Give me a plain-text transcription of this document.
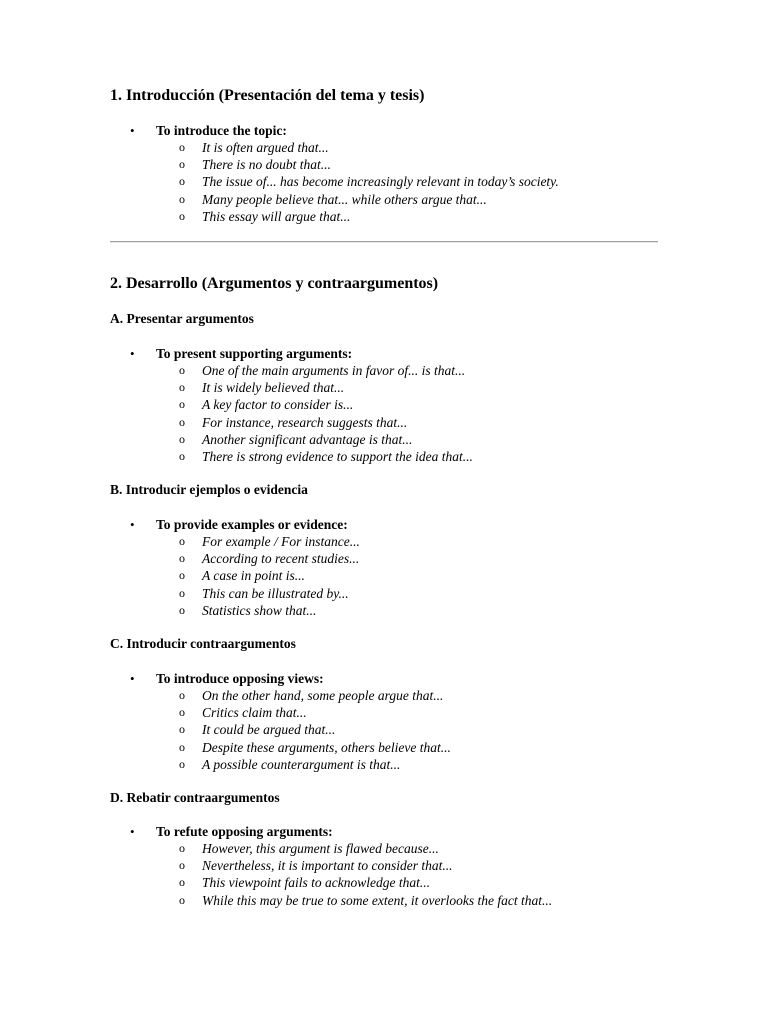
1. Introducción (Presentación del tema y tesis)
• To introduce the topic:
o It is often argued that...
o There is no doubt that...
o The issue of... has become increasingly relevant in today’s society.
o Many people believe that... while others argue that...
o This essay will argue that...
2. Desarrollo (Argumentos y contraargumentos)
A. Presentar argumentos
• To present supporting arguments:
o One of the main arguments in favor of... is that...
o It is widely believed that...
o A key factor to consider is...
o For instance, research suggests that...
o Another significant advantage is that...
o There is strong evidence to support the idea that...
B. Introducir ejemplos o evidencia
• To provide examples or evidence:
o For example / For instance...
o According to recent studies...
o A case in point is...
o This can be illustrated by...
o Statistics show that...
C. Introducir contraargumentos
• To introduce opposing views:
o On the other hand, some people argue that...
o Critics claim that...
o It could be argued that...
o Despite these arguments, others believe that...
o A possible counterargument is that...
D. Rebatir contraargumentos
• To refute opposing arguments:
o However, this argument is flawed because...
o Nevertheless, it is important to consider that...
o This viewpoint fails to acknowledge that...
o While this may be true to some extent, it overlooks the fact that...
